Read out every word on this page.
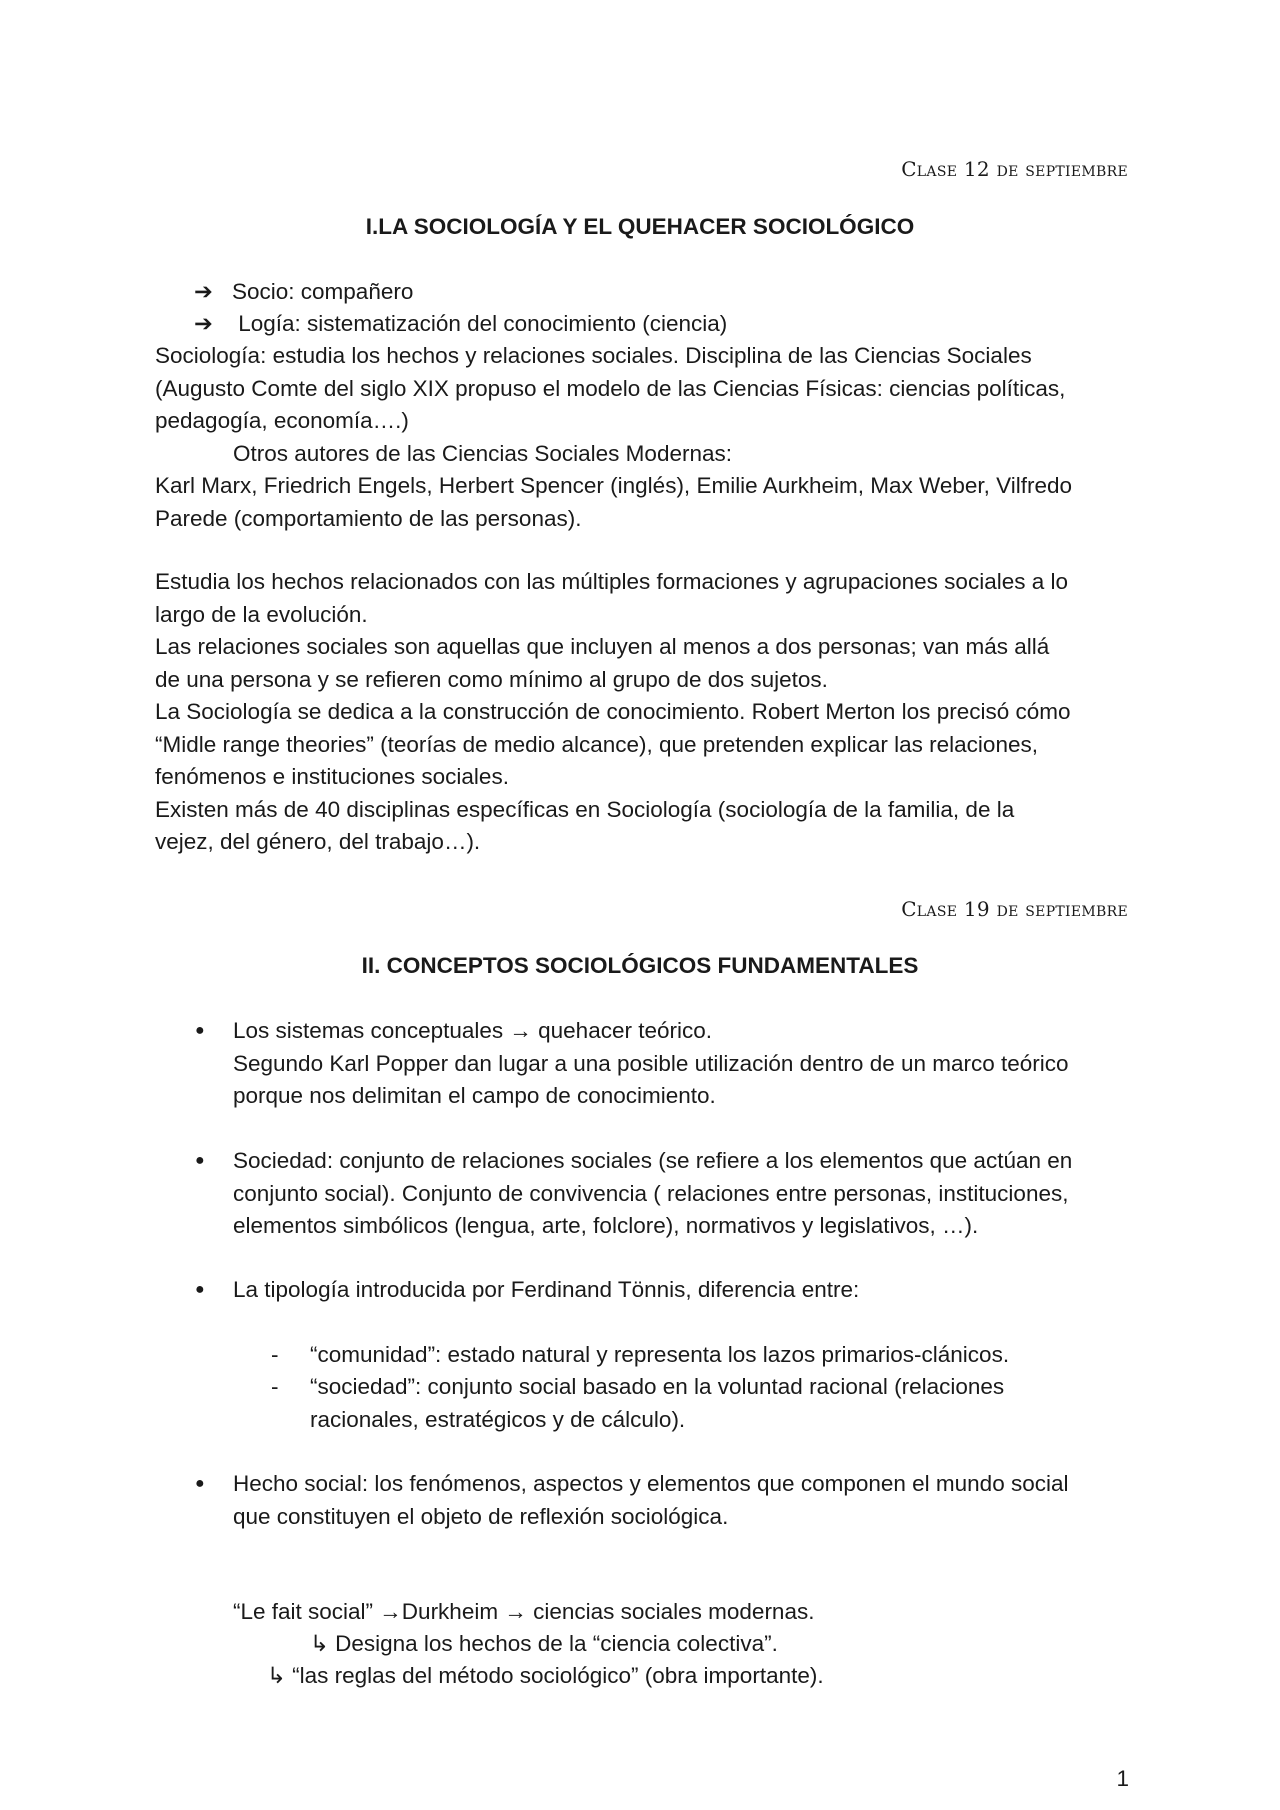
Clase 12 de septiembre
I.LA SOCIOLOGÍA Y EL QUEHACER SOCIOLÓGICO
➔ Socio: compañero
➔ Logía: sistematización del conocimiento (ciencia)
Sociología: estudia los hechos y relaciones sociales. Disciplina de las Ciencias Sociales
(Augusto Comte del siglo XIX propuso el modelo de las Ciencias Físicas: ciencias políticas,
pedagogía, economía….)
Otros autores de las Ciencias Sociales Modernas:
Karl Marx, Friedrich Engels, Herbert Spencer (inglés), Emilie Aurkheim, Max Weber, Vilfredo
Parede (comportamiento de las personas).
Estudia los hechos relacionados con las múltiples formaciones y agrupaciones sociales a lo
largo de la evolución.
Las relaciones sociales son aquellas que incluyen al menos a dos personas; van más allá
de una persona y se refieren como mínimo al grupo de dos sujetos.
La Sociología se dedica a la construcción de conocimiento. Robert Merton los precisó cómo
“Midle range theories” (teorías de medio alcance), que pretenden explicar las relaciones,
fenómenos e instituciones sociales.
Existen más de 40 disciplinas específicas en Sociología (sociología de la familia, de la
vejez, del género, del trabajo…).
Clase 19 de septiembre
II. CONCEPTOS SOCIOLÓGICOS FUNDAMENTALES
● Los sistemas conceptuales → quehacer teórico.
Segundo Karl Popper dan lugar a una posible utilización dentro de un marco teórico
porque nos delimitan el campo de conocimiento.
● Sociedad: conjunto de relaciones sociales (se refiere a los elementos que actúan en
conjunto social). Conjunto de convivencia ( relaciones entre personas, instituciones,
elementos simbólicos (lengua, arte, folclore), normativos y legislativos, …).
● La tipología introducida por Ferdinand Tönnis, diferencia entre:
- “comunidad”: estado natural y representa los lazos primarios-clánicos.
- “sociedad”: conjunto social basado en la voluntad racional (relaciones
racionales, estratégicos y de cálculo).
● Hecho social: los fenómenos, aspectos y elementos que componen el mundo social
que constituyen el objeto de reflexión sociológica.
“Le fait social” →Durkheim → ciencias sociales modernas.
↳ Designa los hechos de la “ciencia colectiva”.
↳ “las reglas del método sociológico” (obra importante).
1
